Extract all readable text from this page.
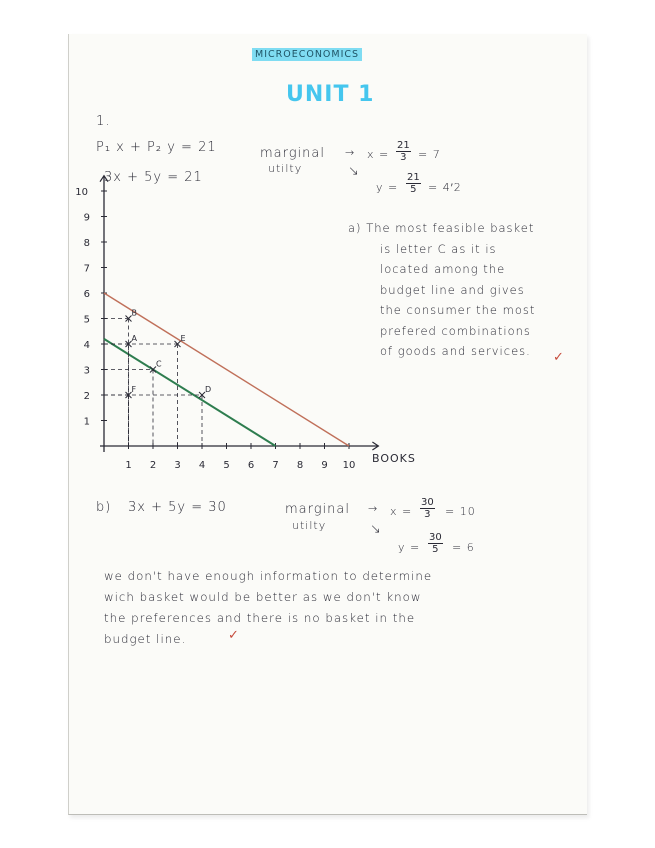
MICROECONOMICS
UNIT 1
1.
P₁ x + P₂ y = 21
3x + 5y = 21
marginal
utilty
→ $x = \frac{21}{3} = 7$
↘
$y = \frac{21}{5} = 4'2$
a) The most feasible basket
is letter C as it is
located among the
budget line and gives
the consumer the most
prefered combinations
of goods and services.	✓
1 2 3 4 5 6 7 8 9 10
1
2
3
4
5
6
7
8
9
10
A
B
C
D
E
F
BOOKS
b) 3x + 5y = 30	marginal
utilty
→ $x = \frac{30}{3} = 10$
↘
$y = \frac{30}{5} = 6$
we don't have enough information to determine
wich basket would be better as we don't know
the preferences and there is no basket in the
budget line.	✓
